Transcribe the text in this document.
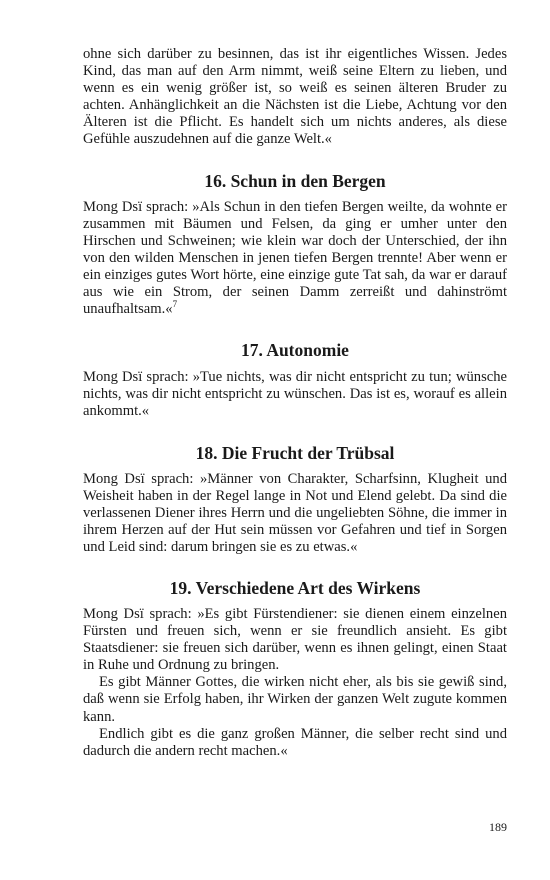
ohne sich darüber zu besinnen, das ist ihr eigentliches Wissen. Jedes Kind, das man auf den Arm nimmt, weiß seine Eltern zu lieben, und wenn es ein wenig größer ist, so weiß es seinen älteren Bruder zu achten. Anhänglichkeit an die Nächsten ist die Liebe, Achtung vor den Älteren ist die Pflicht. Es handelt sich um nichts anderes, als diese Gefühle auszudehnen auf die ganze Welt.«

16. Schun in den Bergen

Mong Dsï sprach: »Als Schun in den tiefen Bergen weilte, da wohnte er zusammen mit Bäumen und Felsen, da ging er umher unter den Hirschen und Schweinen; wie klein war doch der Unterschied, der ihn von den wilden Menschen in jenen tiefen Bergen trennte! Aber wenn er ein einziges gutes Wort hörte, eine einzige gute Tat sah, da war er darauf aus wie ein Strom, der seinen Damm zerreißt und dahinströmt unaufhaltsam.«$^7$

17. Autonomie

Mong Dsï sprach: »Tue nichts, was dir nicht entspricht zu tun; wünsche nichts, was dir nicht entspricht zu wünschen. Das ist es, worauf es allein ankommt.«

18. Die Frucht der Trübsal

Mong Dsï sprach: »Männer von Charakter, Scharfsinn, Klugheit und Weisheit haben in der Regel lange in Not und Elend gelebt. Da sind die verlassenen Diener ihres Herrn und die ungeliebten Söhne, die immer in ihrem Herzen auf der Hut sein müssen vor Gefahren und tief in Sorgen und Leid sind: darum bringen sie es zu etwas.«

19. Verschiedene Art des Wirkens

Mong Dsï sprach: »Es gibt Fürstendiener: sie dienen einem einzelnen Fürsten und freuen sich, wenn er sie freundlich ansieht. Es gibt Staatsdiener: sie freuen sich darüber, wenn es ihnen gelingt, einen Staat in Ruhe und Ordnung zu bringen.

Es gibt Männer Gottes, die wirken nicht eher, als bis sie gewiß sind, daß wenn sie Erfolg haben, ihr Wirken der ganzen Welt zugute kommen kann.

Endlich gibt es die ganz großen Männer, die selber recht sind und dadurch die andern recht machen.«

189
